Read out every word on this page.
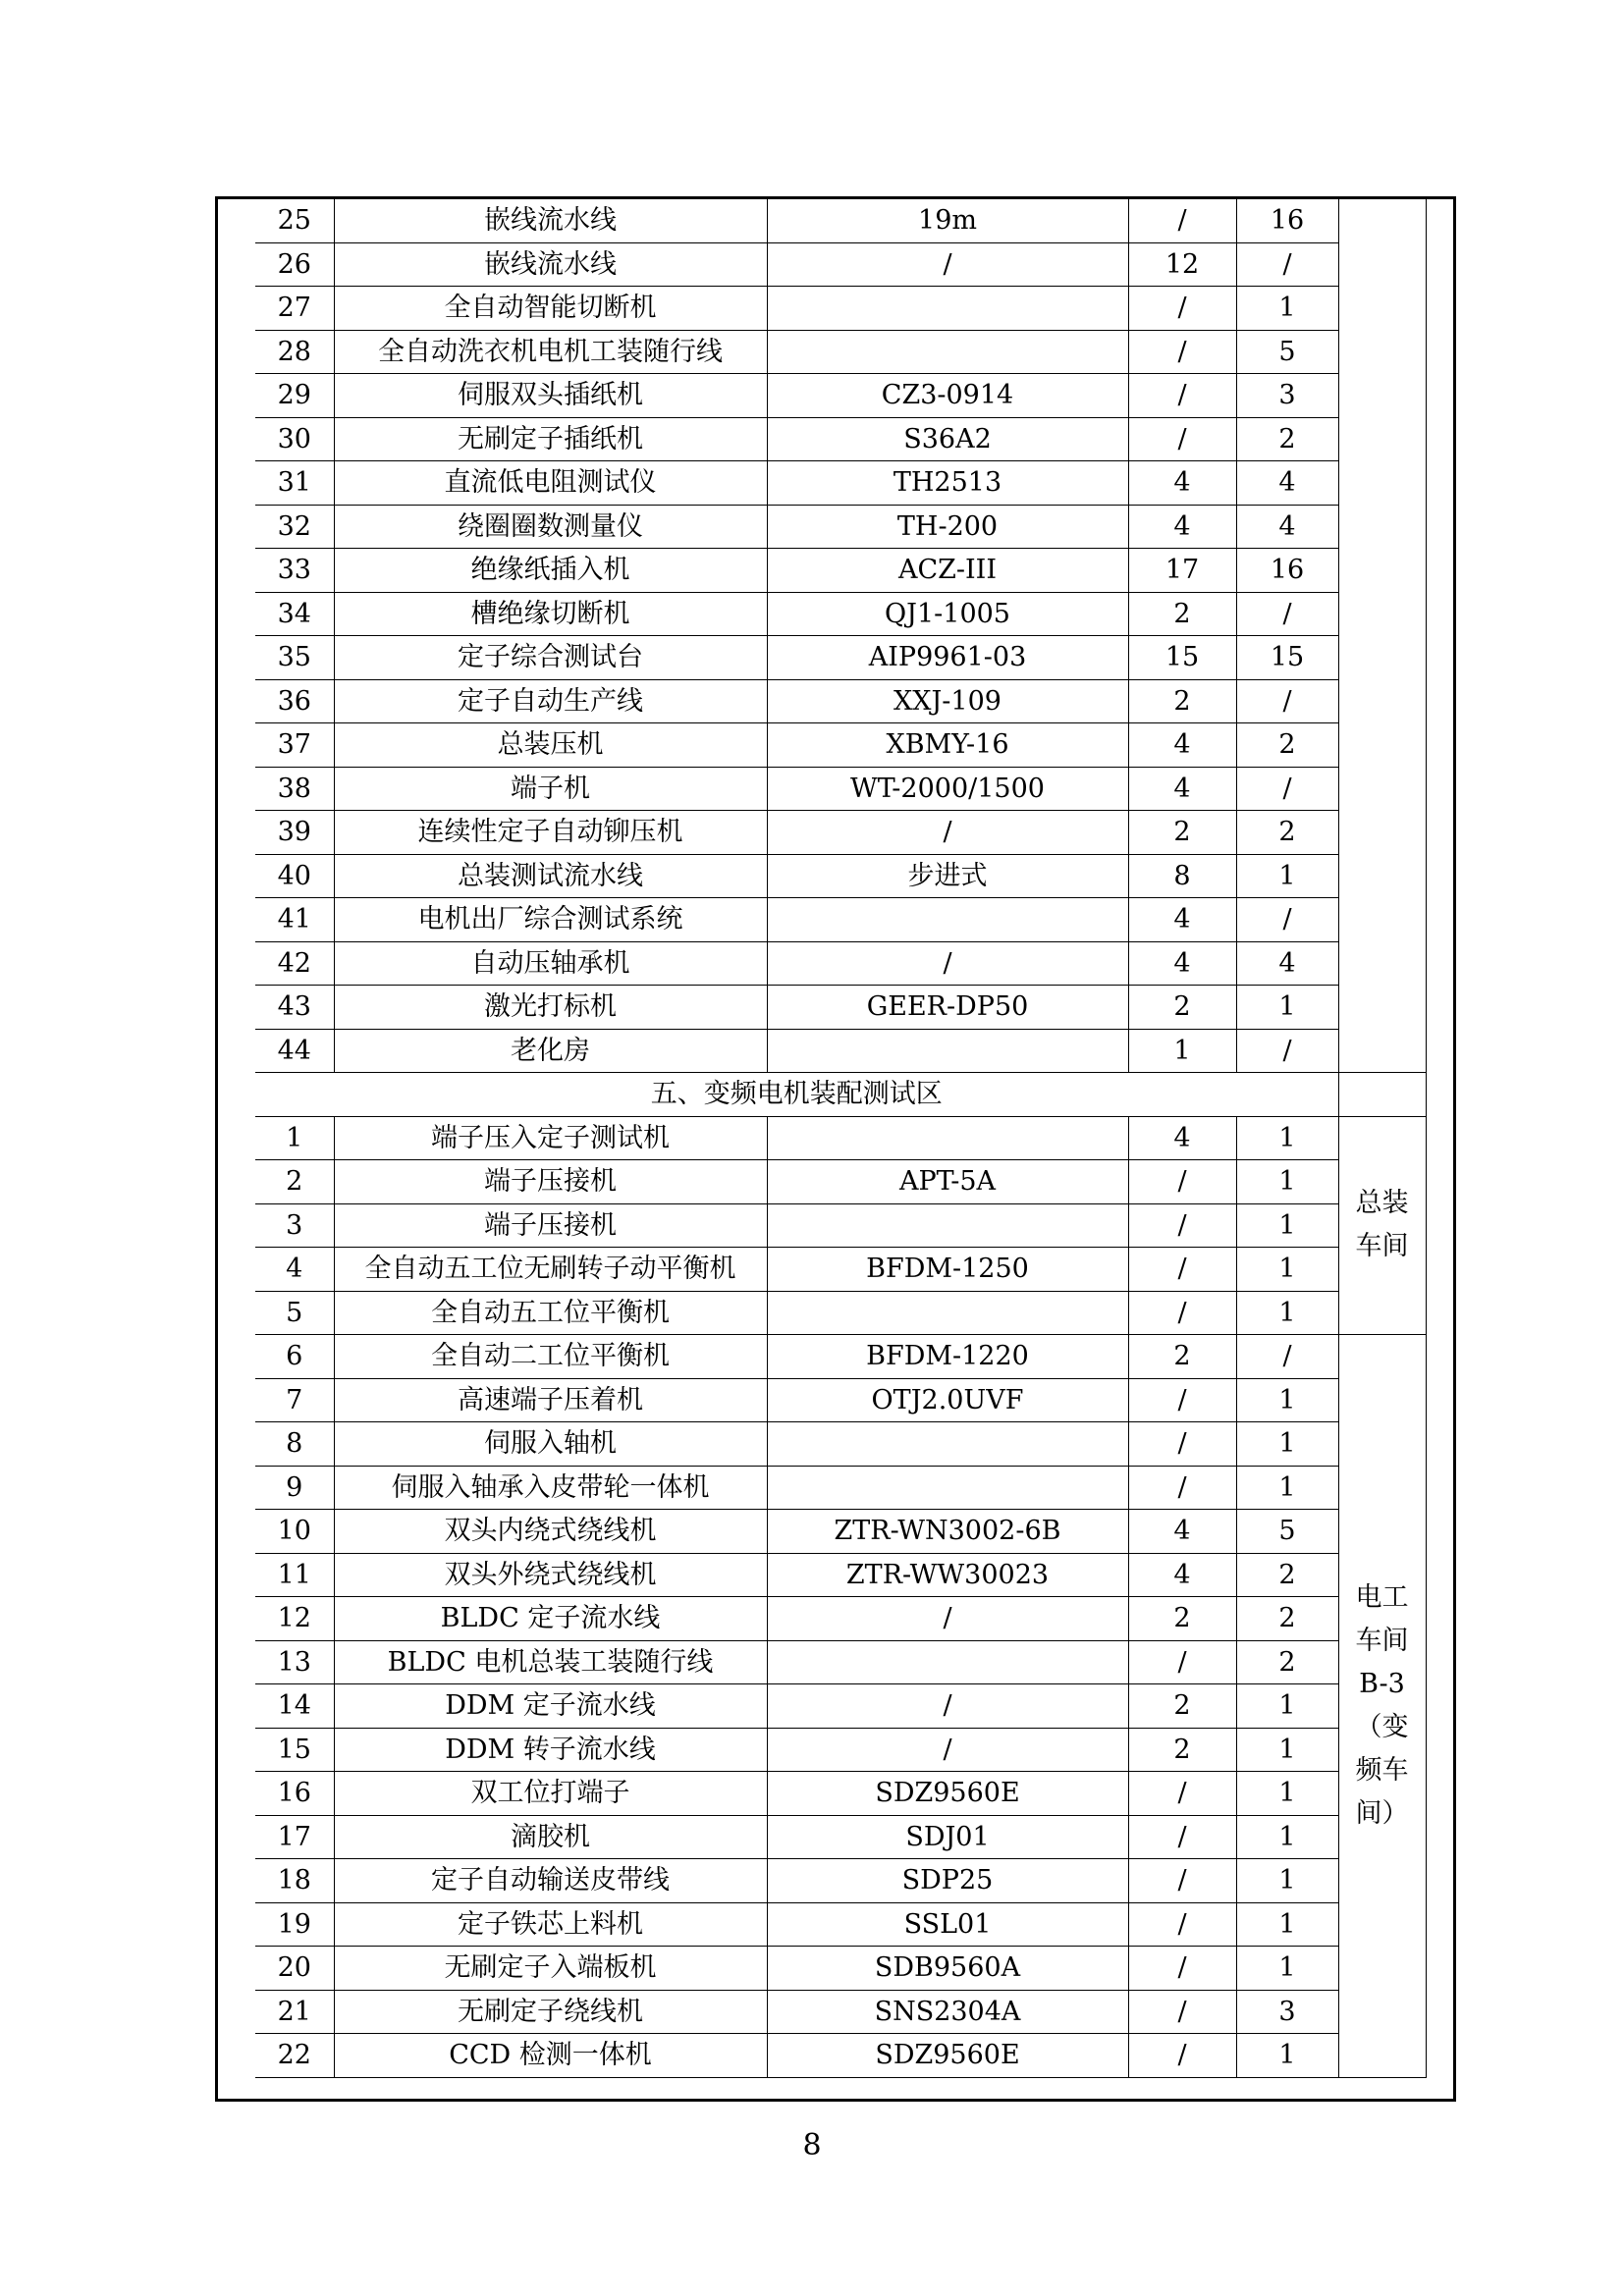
25	嵌线流水线	19m	/	16	
26	嵌线流水线	/	12	/	
27	全自动智能切断机		/	1	
28	全自动洗衣机电机工装随行线		/	5	
29	伺服双头插纸机	CZ3-0914	/	3	
30	无刷定子插纸机	S36A2	/	2	
31	直流低电阻测试仪	TH2513	4	4	
32	绕圈圈数测量仪	TH-200	4	4	
33	绝缘纸插入机	ACZ-III	17	16	
34	槽绝缘切断机	QJ1-1005	2	/	
35	定子综合测试台	AIP9961-03	15	15	
36	定子自动生产线	XXJ-109	2	/	
37	总装压机	XBMY-16	4	2	
38	端子机	WT-2000/1500	4	/	
39	连续性定子自动铆压机	/	2	2	
40	总装测试流水线	步进式	8	1	
41	电机出厂综合测试系统		4	/	
42	自动压轴承机	/	4	4	
43	激光打标机	GEER-DP50	2	1	
44	老化房		1	/	
五、变频电机装配测试区					
1	端子压入定子测试机		4	1	总装车间
2	端子压接机	APT-5A	/	1	
3	端子压接机		/	1	
4	全自动五工位无刷转子动平衡机	BFDM-1250	/	1	
5	全自动五工位平衡机		/	1	
6	全自动二工位平衡机	BFDM-1220	2	/	电工车间B-3（变频车间）
7	高速端子压着机	OTJ2.0UVF	/	1	
8	伺服入轴机		/	1	
9	伺服入轴承入皮带轮一体机		/	1	
10	双头内绕式绕线机	ZTR-WN3002-6B	4	5	
11	双头外绕式绕线机	ZTR-WW30023	4	2	
12	BLDC 定子流水线	/	2	2	
13	BLDC 电机总装工装随行线		/	2	
14	DDM 定子流水线	/	2	1	
15	DDM 转子流水线	/	2	1	
16	双工位打端子	SDZ9560E	/	1	
17	滴胶机	SDJ01	/	1	
18	定子自动输送皮带线	SDP25	/	1	
19	定子铁芯上料机	SSL01	/	1	
20	无刷定子入端板机	SDB9560A	/	1	
21	无刷定子绕线机	SNS2304A	/	3	
22	CCD 检测一体机	SDZ9560E	/	1	
8
